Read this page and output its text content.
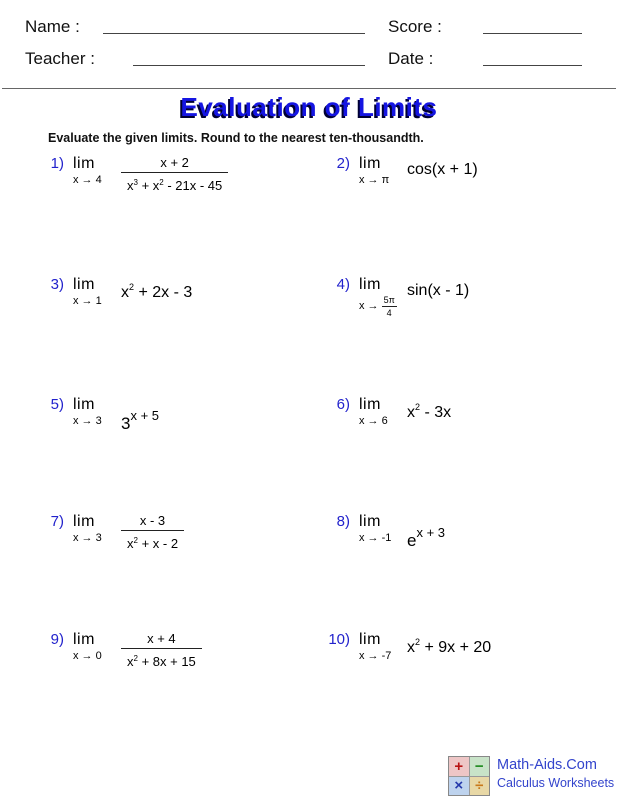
Name :
Teacher :
Score :
Date :
Evaluation of Limits
Evaluate the given limits. Round to the nearest ten-thousandth.
1) lim
$x \to 4 \frac{x + 2}{x^3 + x^2 - 21x - 45}$	2) lim
x → π
cos(x + 1)
3) lim
x → 1 $x^2 + 2x - 3$	4) lim
$x \to \frac{5\pi}{4}$
sin(x - 1)
5) lim
x → 3 $3^{x + 5}$
6) lim
x → 6 $x^2 - 3x$
7) lim
$x \to 3 \frac{x - 3}{x^2 + x - 2}$	8) lim
x → -1 $e^{x + 3}$
9) lim
$x \to 0 \frac{x + 4}{x^2 + 8x + 15}$	10) lim
x → -7 $x^2 + 9x + 20$
+ −
× ÷
Math-Aids.Com
Calculus Worksheets
